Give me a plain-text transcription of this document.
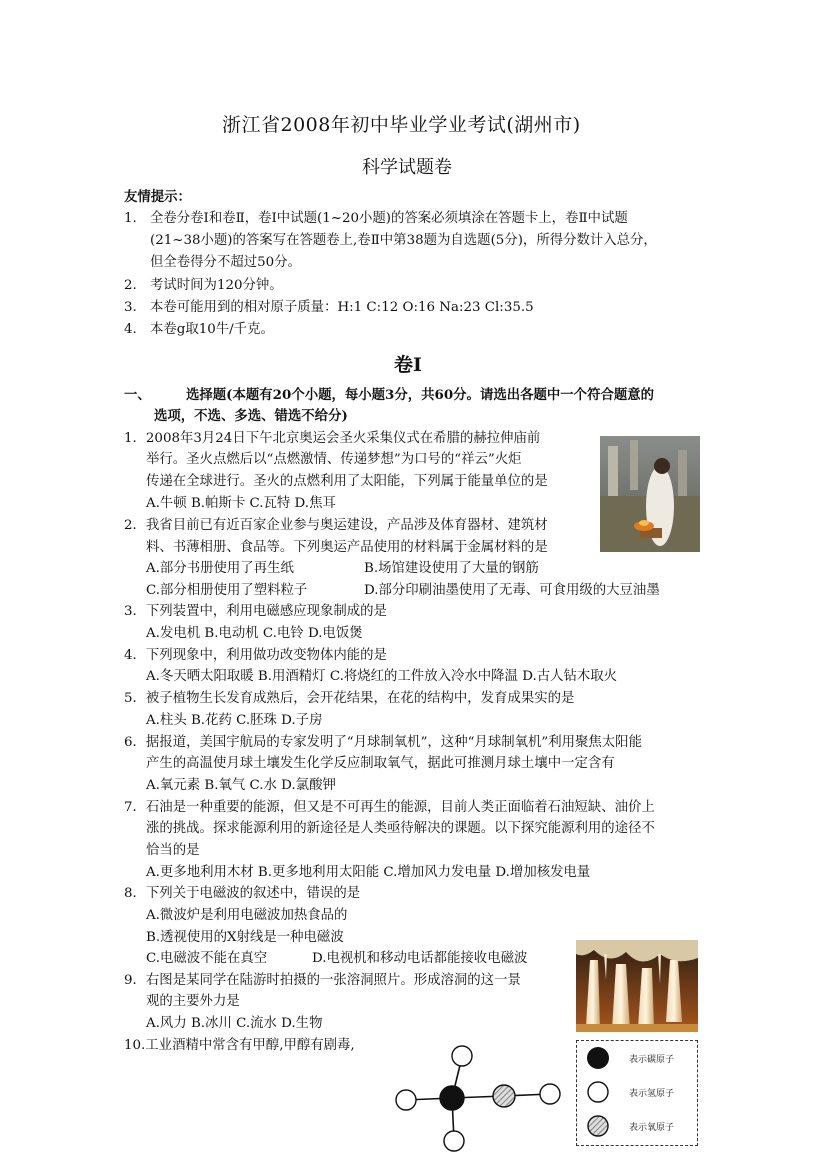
浙江省2008年初中毕业学业考试(湖州市)
科学试题卷
友情提示：
1. 全卷分卷Ⅰ和卷Ⅱ，卷Ⅰ中试题(1~20小题)的答案必须填涂在答题卡上，卷Ⅱ中试题
(21~38小题)的答案写在答题卷上,卷Ⅱ中第38题为自选题(5分)，所得分数计入总分，
但全卷得分不超过50分。
2. 考试时间为120分钟。
3. 本卷可能用到的相对原子质量：H:1 C:12 O:16 Na:23 Cl:35.5
4. 本卷g取10牛/千克。
卷Ⅰ
一、	选择题(本题有20个小题，每小题3分，共60分。请选出各题中一个符合题意的
选项，不选、多选、错选不给分)
1．2008年3月24日下午北京奥运会圣火采集仪式在希腊的赫拉伸庙前
举行。圣火点燃后以“点燃激情、传递梦想”为口号的“祥云”火炬
传递在全球进行。圣火的点燃利用了太阳能，下列属于能量单位的是
A.牛顿 B.帕斯卡 C.瓦特 D.焦耳
2．我省目前已有近百家企业参与奥运建设，产品涉及体育器材、建筑材
料、书薄相册、食品等。下列奥运产品使用的材料属于金属材料的是
A.部分书册使用了再生纸	B.场馆建设使用了大量的钢筋
C.部分相册使用了塑料粒子	D.部分印刷油墨使用了无毒、可食用级的大豆油墨
3．下列装置中，利用电磁感应现象制成的是
A.发电机 B.电动机 C.电铃 D.电饭煲
4．下列现象中，利用做功改变物体内能的是
A.冬天晒太阳取暖 B.用酒精灯 C.将烧红的工件放入冷水中降温 D.古人钻木取火
5．被子植物生长发育成熟后，会开花结果，在花的结构中，发育成果实的是
A.柱头 B.花药 C.胚珠 D.子房
6．据报道，美国宇航局的专家发明了“月球制氧机”，这种“月球制氧机”利用聚焦太阳能
产生的高温使月球土壤发生化学反应制取氧气，据此可推测月球土壤中一定含有
A.氧元素 B.氧气 C.水 D.氯酸钾
7．石油是一种重要的能源，但又是不可再生的能源，目前人类正面临着石油短缺、油价上
涨的挑战。探求能源利用的新途径是人类亟待解决的课题。以下探究能源利用的途径不
恰当的是
A.更多地利用木材 B.更多地利用太阳能 C.增加风力发电量 D.增加核发电量
8．下列关于电磁波的叙述中，错误的是
A.微波炉是利用电磁波加热食品的
B.透视使用的X射线是一种电磁波
C.电磁波不能在真空	D.电视机和移动电话都能接收电磁波
9．右图是某同学在陆游时拍摄的一张溶洞照片。形成溶洞的这一景
观的主要外力是
A.风力 B.冰川 C.流水 D.生物
10.工业酒精中常含有甲醇,甲醇有剧毒,
表示碳原子
表示氢原子
表示氧原子
